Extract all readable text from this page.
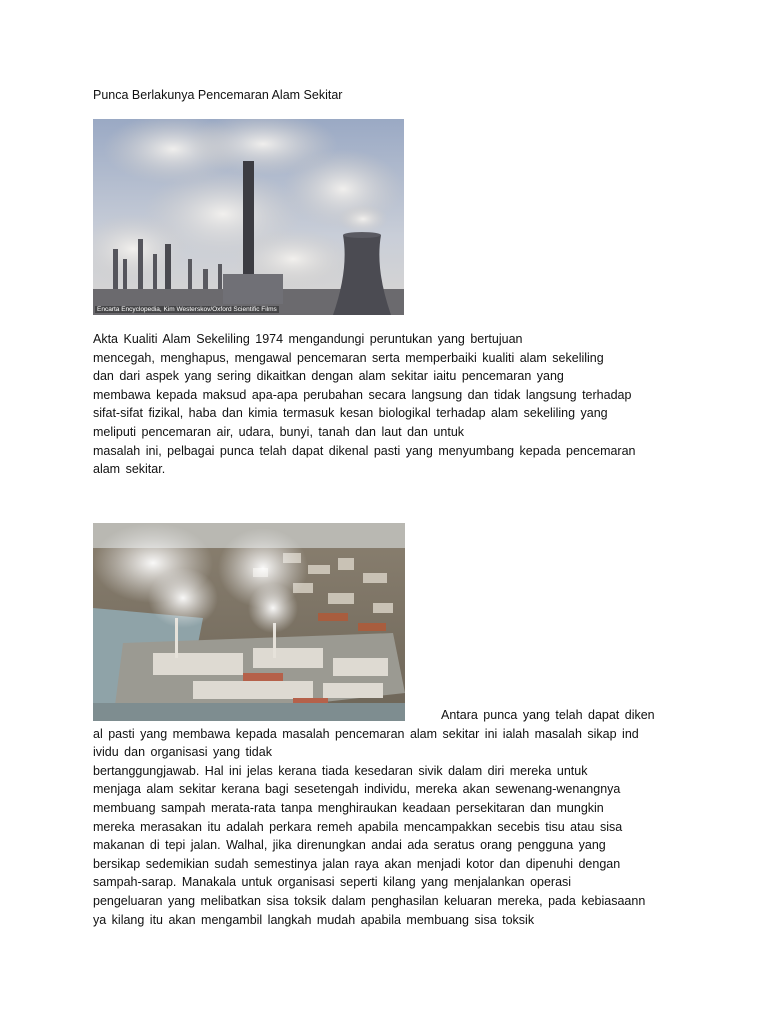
Punca Berlakunya Pencemaran Alam Sekitar
Encarta Encyclopedia, Kim Westerskov/Oxford Scientific Films

Akta Kualiti Alam Sekeliling 1974 mengandungi peruntukan yang bertujuan
mencegah, menghapus, mengawal pencemaran serta memperbaiki kualiti alam sekeliling
dan dari aspek yang sering dikaitkan dengan alam sekitar iaitu pencemaran yang
membawa kepada maksud apa-apa perubahan secara langsung dan tidak langsung terhadap
sifat-sifat fizikal, haba dan kimia termasuk kesan biologikal terhadap alam sekeliling yang
meliputi pencemaran air, udara, bunyi, tanah dan laut dan untuk
masalah ini, pelbagai punca telah dapat dikenal pasti yang menyumbang kepada pencemaran
alam sekitar.

Antara punca yang telah dapat diken
al pasti yang membawa kepada masalah pencemaran alam sekitar ini ialah masalah sikap ind
ividu dan organisasi yang tidak
bertanggungjawab. Hal ini jelas kerana tiada kesedaran sivik dalam diri mereka untuk
menjaga alam sekitar kerana bagi sesetengah individu, mereka akan sewenang-wenangnya
membuang sampah merata-rata tanpa menghiraukan keadaan persekitaran dan mungkin
mereka merasakan itu adalah perkara remeh apabila mencampakkan secebis tisu atau sisa
makanan di tepi jalan. Walhal, jika direnungkan andai ada seratus orang pengguna yang
bersikap sedemikian sudah semestinya jalan raya akan menjadi kotor dan dipenuhi dengan
sampah-sarap. Manakala untuk organisasi seperti kilang yang menjalankan operasi
pengeluaran yang melibatkan sisa toksik dalam penghasilan keluaran mereka, pada kebiasaann
ya kilang itu akan mengambil langkah mudah apabila membuang sisa toksik
